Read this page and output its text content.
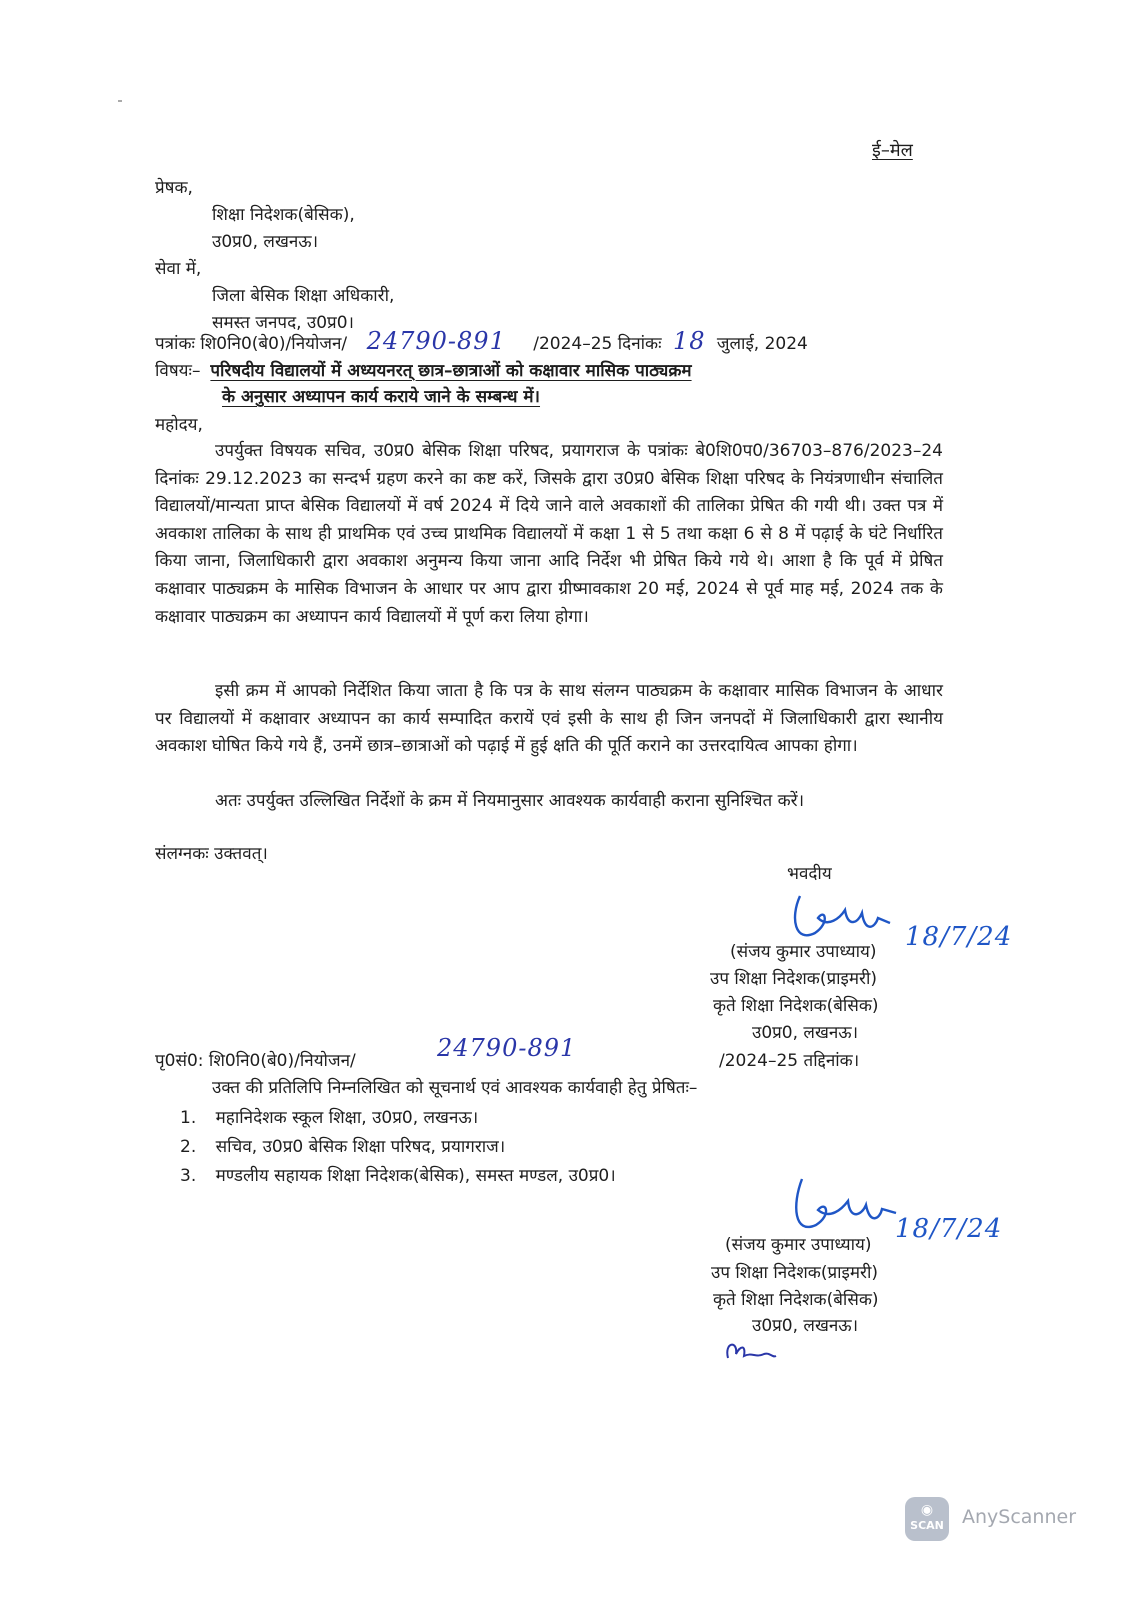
ई–मेल
प्रेषक,
शिक्षा निदेशक(बेसिक),
उ0प्र0, लखनऊ।
सेवा में,
जिला बेसिक शिक्षा अधिकारी,
समस्त जनपद, उ0प्र0।
पत्रांकः शि0नि0(बे0)/नियोजन/ 24790-891 /2024–25 दिनांकः 18 जुलाई, 2024
विषयः– परिषदीय विद्यालयों में अध्ययनरत् छात्र–छात्राओं को कक्षावार मासिक पाठ्यक्रम
के अनुसार अध्यापन कार्य कराये जाने के सम्बन्ध में।
महोदय,
उपर्युक्त विषयक सचिव, उ0प्र0 बेसिक शिक्षा परिषद, प्रयागराज के पत्रांकः बे0शि0प0/36703–876/2023–24 दिनांकः 29.12.2023 का सन्दर्भ ग्रहण करने का कष्ट करें, जिसके द्वारा उ0प्र0 बेसिक शिक्षा परिषद के नियंत्रणाधीन संचालित विद्यालयों/मान्यता प्राप्त बेसिक विद्यालयों में वर्ष 2024 में दिये जाने वाले अवकाशों की तालिका प्रेषित की गयी थी। उक्त पत्र में अवकाश तालिका के साथ ही प्राथमिक एवं उच्च प्राथमिक विद्यालयों में कक्षा 1 से 5 तथा कक्षा 6 से 8 में पढ़ाई के घंटे निर्धारित किया जाना, जिलाधिकारी द्वारा अवकाश अनुमन्य किया जाना आदि निर्देश भी प्रेषित किये गये थे। आशा है कि पूर्व में प्रेषित कक्षावार पाठ्यक्रम के मासिक विभाजन के आधार पर आप द्वारा ग्रीष्मावकाश 20 मई, 2024 से पूर्व माह मई, 2024 तक के कक्षावार पाठ्यक्रम का अध्यापन कार्य विद्यालयों में पूर्ण करा लिया होगा।
इसी क्रम में आपको निर्देशित किया जाता है कि पत्र के साथ संलग्न पाठ्यक्रम के कक्षावार मासिक विभाजन के आधार पर विद्यालयों में कक्षावार अध्यापन का कार्य सम्पादित करायें एवं इसी के साथ ही जिन जनपदों में जिलाधिकारी द्वारा स्थानीय अवकाश घोषित किये गये हैं, उनमें छात्र–छात्राओं को पढ़ाई में हुई क्षति की पूर्ति कराने का उत्तरदायित्व आपका होगा।
अतः उपर्युक्त उल्लिखित निर्देशों के क्रम में नियमानुसार आवश्यक कार्यवाही कराना सुनिश्चित करें।
संलग्नकः उक्तवत्।
भवदीय
(संजय कुमार उपाध्याय) 18/7/24
उप शिक्षा निदेशक(प्राइमरी)
कृते शिक्षा निदेशक(बेसिक)
उ0प्र0, लखनऊ।
पृ0सं0: शि0नि0(बे0)/नियोजन/	24790-891	/2024–25 तद्दिनांक।
उक्त की प्रतिलिपि निम्नलिखित को सूचनार्थ एवं आवश्यक कार्यवाही हेतु प्रेषितः–
1. महानिदेशक स्कूल शिक्षा, उ0प्र0, लखनऊ।
2. सचिव, उ0प्र0 बेसिक शिक्षा परिषद, प्रयागराज।
3. मण्डलीय सहायक शिक्षा निदेशक(बेसिक), समस्त मण्डल, उ0प्र0।
(संजय कुमार उपाध्याय)
18/7/24
उप शिक्षा निदेशक(प्राइमरी)
कृते शिक्षा निदेशक(बेसिक)
उ0प्र0, लखनऊ।
◉
SCAN AnyScanner
